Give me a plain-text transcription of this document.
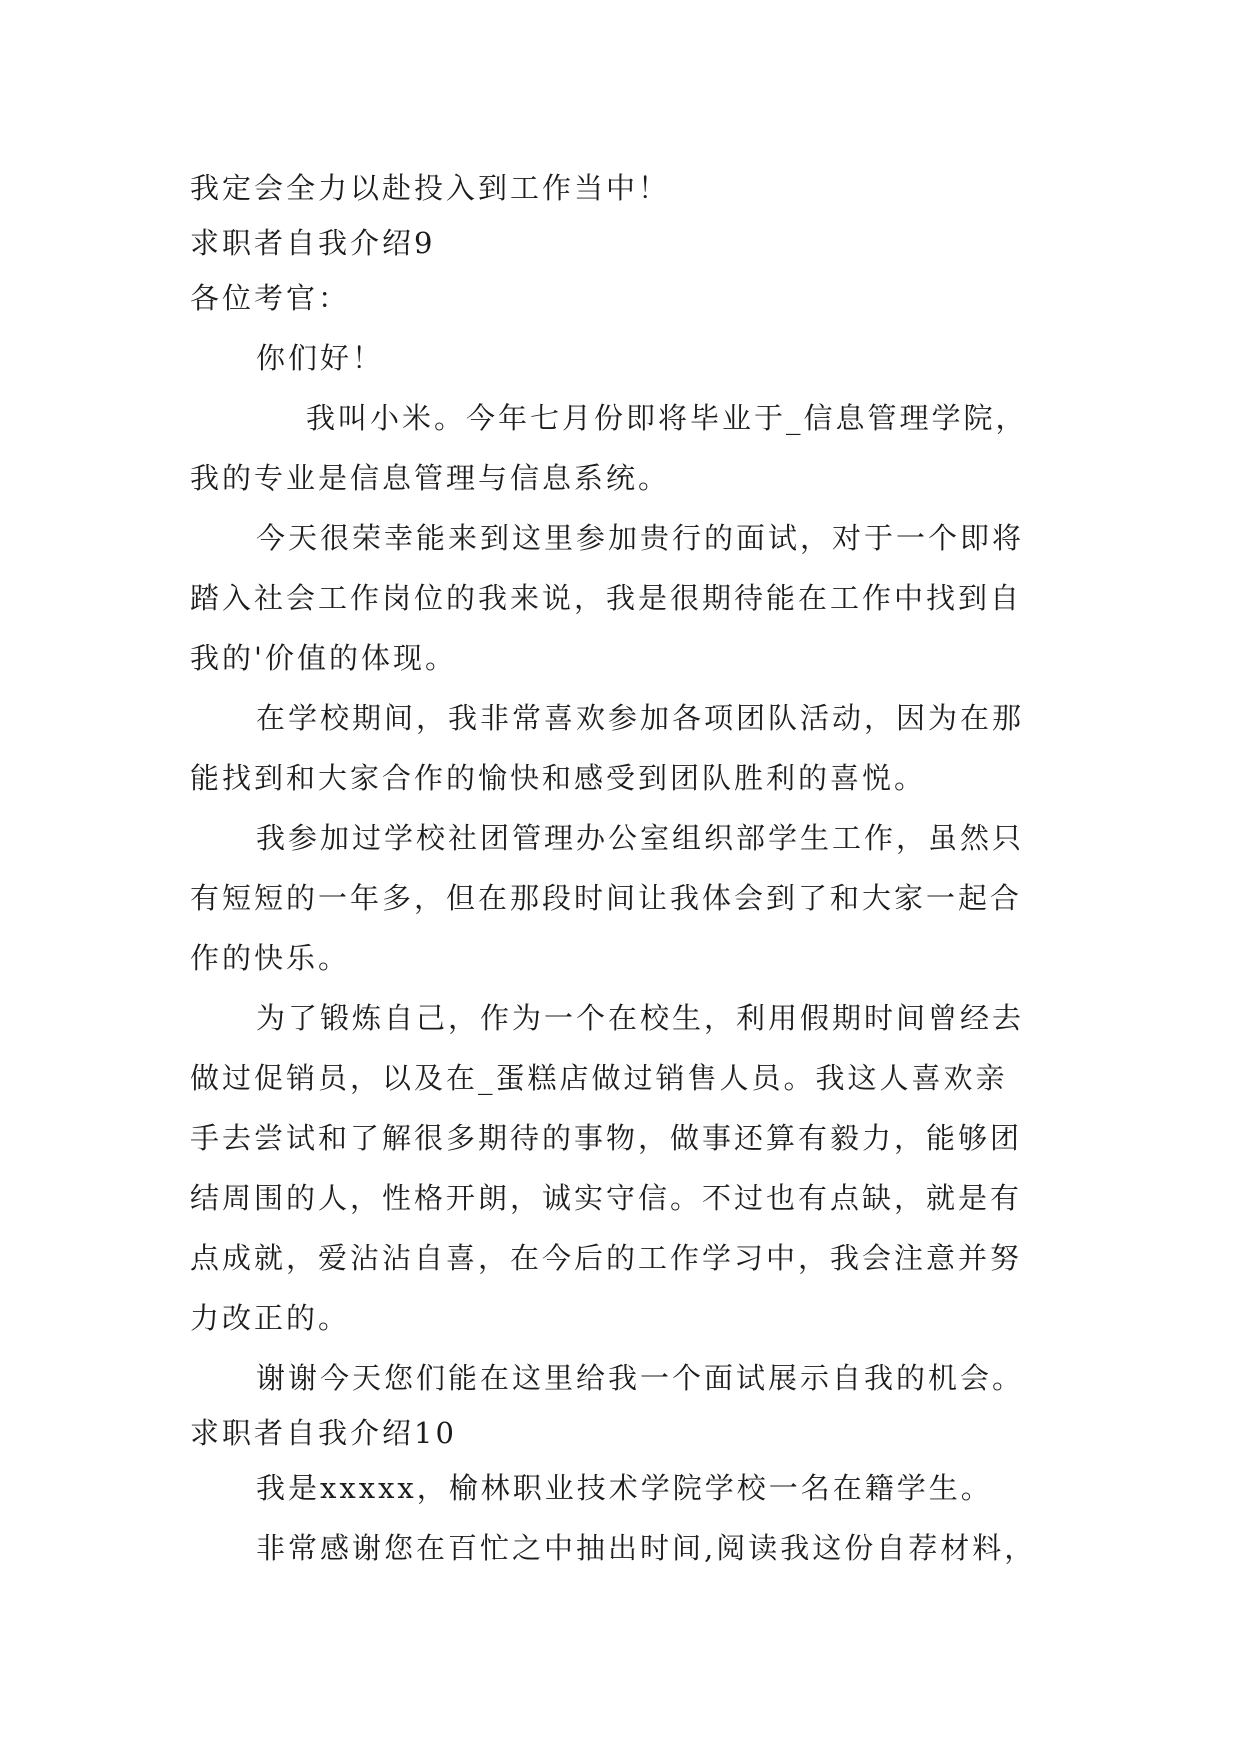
我定会全力以赴投入到工作当中！
求职者自我介绍9
各位考官：
你们好！
我叫小米。今年七月份即将毕业于_信息管理学院，
我的专业是信息管理与信息系统。
今天很荣幸能来到这里参加贵行的面试，对于一个即将
踏入社会工作岗位的我来说，我是很期待能在工作中找到自
我的'价值的体现。
在学校期间，我非常喜欢参加各项团队活动，因为在那
能找到和大家合作的愉快和感受到团队胜利的喜悦。
我参加过学校社团管理办公室组织部学生工作，虽然只
有短短的一年多，但在那段时间让我体会到了和大家一起合
作的快乐。
为了锻炼自己，作为一个在校生，利用假期时间曾经去
做过促销员，以及在_蛋糕店做过销售人员。我这人喜欢亲
手去尝试和了解很多期待的事物，做事还算有毅力，能够团
结周围的人，性格开朗，诚实守信。不过也有点缺，就是有
点成就，爱沾沾自喜，在今后的工作学习中，我会注意并努
力改正的。
谢谢今天您们能在这里给我一个面试展示自我的机会。
求职者自我介绍10
我是xxxxx，榆林职业技术学院学校一名在籍学生。
非常感谢您在百忙之中抽出时间,阅读我这份自荐材料，
